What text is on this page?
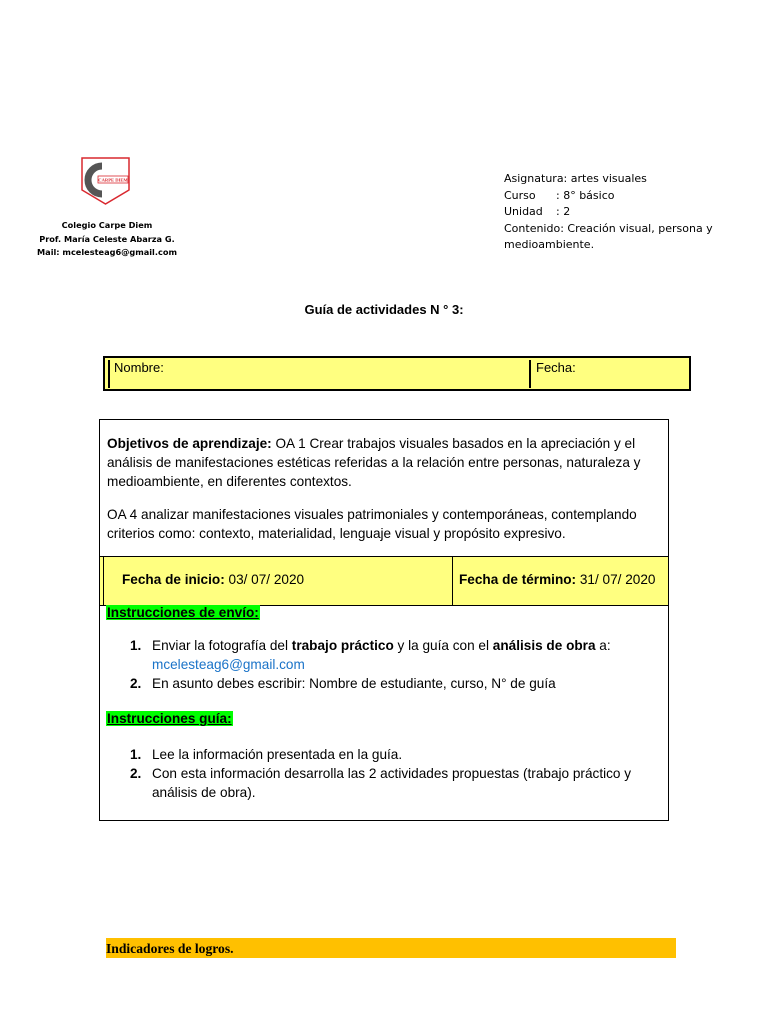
CARPE DIEM
Colegio Carpe Diem
Prof. María Celeste Abarza G.
Mail: mcelesteag6@gmail.com
Asignatura: artes visuales
Curso : 8° básico
Unidad : 2
Contenido: Creación visual, persona y
medioambiente.
Guía de actividades N ° 3:
Nombre:	Fecha:

Objetivos de aprendizaje: OA 1 Crear trabajos visuales basados en la apreciación y el análisis de manifestaciones estéticas referidas a la relación entre personas, naturaleza y medioambiente, en diferentes contextos.

OA 4 analizar manifestaciones visuales patrimoniales y contemporáneas, contemplando criterios como: contexto, materialidad, lenguaje visual y propósito expresivo.

Fecha de inicio: 03/ 07/ 2020	Fecha de término: 31/ 07/ 2020
Instrucciones de envío:
1. Enviar la fotografía del trabajo práctico y la guía con el análisis de obra a:
mcelesteag6@gmail.com
2. En asunto debes escribir: Nombre de estudiante, curso, N° de guía
Instrucciones guía:
1. Lee la información presentada en la guía.
2. Con esta información desarrolla las 2 actividades propuestas (trabajo práctico y análisis de obra).
Indicadores de logros.
